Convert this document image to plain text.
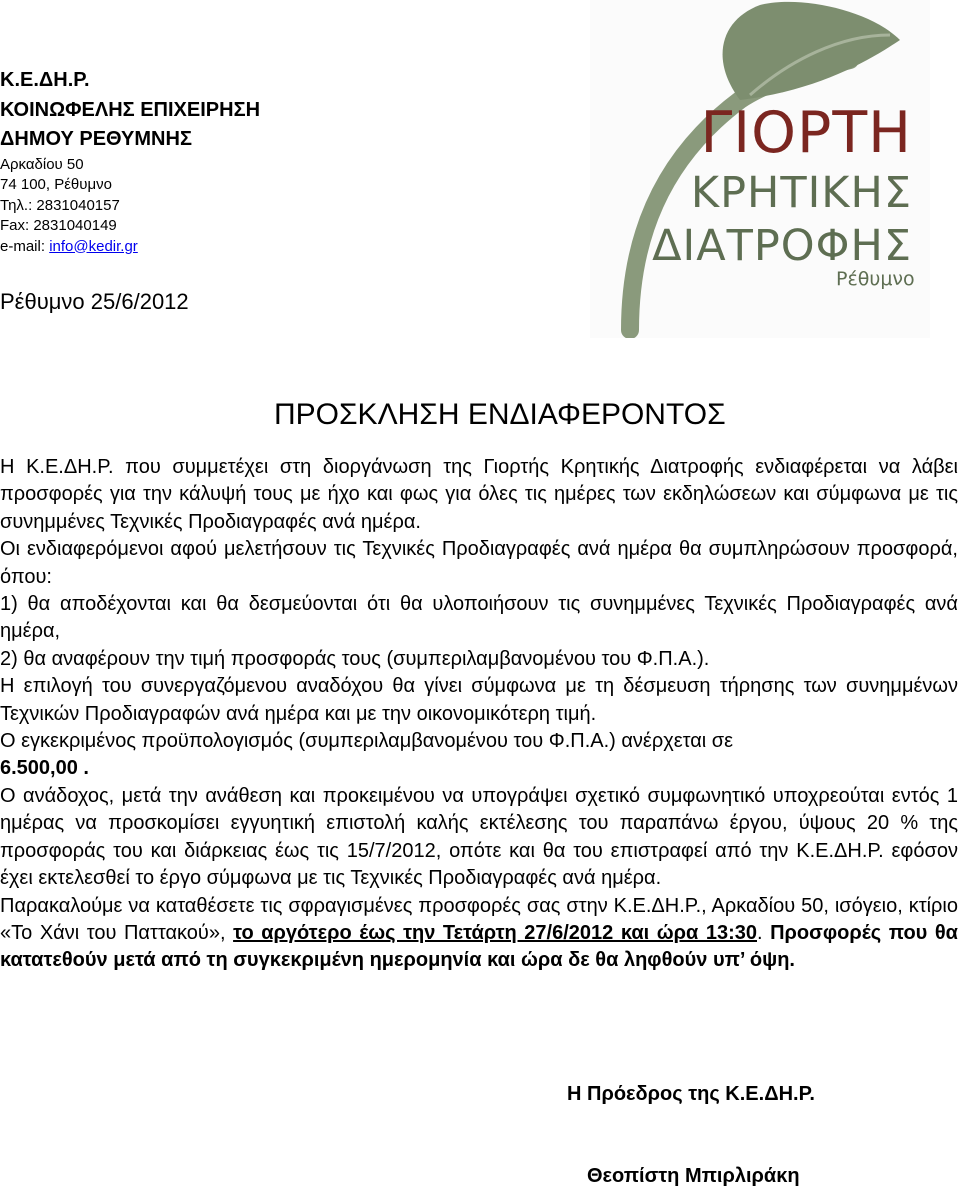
Κ.Ε.ΔΗ.Ρ.
ΚΟΙΝΩΦΕΛΗΣ ΕΠΙΧΕΙΡΗΣΗ
ΔΗΜΟΥ ΡΕΘΥΜΝΗΣ
Αρκαδίου 50
74 100, Ρέθυμνο
Τηλ.: 2831040157
Fax: 2831040149
e-mail: info@kedir.gr
Ρέθυμνο 25/6/2012
ΓΙΟΡΤΗ
ΚΡΗΤΙΚΗΣ
ΔΙΑΤΡΟΦΗΣ
Ρέθυμνο
ΠΡΟΣΚΛΗΣΗ ΕΝΔΙΑΦΕΡΟΝΤΟΣ

Η Κ.Ε.ΔΗ.Ρ. που συμμετέχει στη διοργάνωση της Γιορτής Κρητικής Διατροφής ενδιαφέρεται να λάβει προσφορές για την κάλυψή τους με ήχο και φως για όλες τις ημέρες των εκδηλώσεων και σύμφωνα με τις συνημμένες Τεχνικές Προδιαγραφές ανά ημέρα.

Οι ενδιαφερόμενοι αφού μελετήσουν τις Τεχνικές Προδιαγραφές ανά ημέρα θα συμπληρώσουν προσφορά, όπου:

1) θα αποδέχονται και θα δεσμεύονται ότι θα υλοποιήσουν τις συνημμένες Τεχνικές Προδιαγραφές ανά ημέρα,

2) θα αναφέρουν την τιμή προσφοράς τους (συμπεριλαμβανομένου του Φ.Π.Α.).

Η επιλογή του συνεργαζόμενου αναδόχου θα γίνει σύμφωνα με τη δέσμευση τήρησης των συνημμένων Τεχνικών Προδιαγραφών ανά ημέρα και με την οικονομικότερη τιμή.

Ο εγκεκριμένος προϋπολογισμός (συμπεριλαμβανομένου του Φ.Π.Α.) ανέρχεται σε
6.500,00 .

Ο ανάδοχος, μετά την ανάθεση και προκειμένου να υπογράψει σχετικό συμφωνητικό υποχρεούται εντός 1 ημέρας να προσκομίσει εγγυητική επιστολή καλής εκτέλεσης του παραπάνω έργου, ύψους 20 % της προσφοράς του και διάρκειας έως τις 15/7/2012, οπότε και θα του επιστραφεί από την Κ.Ε.ΔΗ.Ρ. εφόσον έχει εκτελεσθεί το έργο σύμφωνα με τις Τεχνικές Προδιαγραφές ανά ημέρα.

Παρακαλούμε να καταθέσετε τις σφραγισμένες προσφορές σας στην Κ.Ε.ΔΗ.Ρ., Αρκαδίου 50, ισόγειο, κτίριο «Το Χάνι του Παττακού», το αργότερο έως την Τετάρτη 27/6/2012 και ώρα 13:30. Προσφορές που θα κατατεθούν μετά από τη συγκεκριμένη ημερομηνία και ώρα δε θα ληφθούν υπ’ όψη.

Η Πρόεδρος της Κ.Ε.ΔΗ.Ρ.
Θεοπίστη Μπιρλιράκη
